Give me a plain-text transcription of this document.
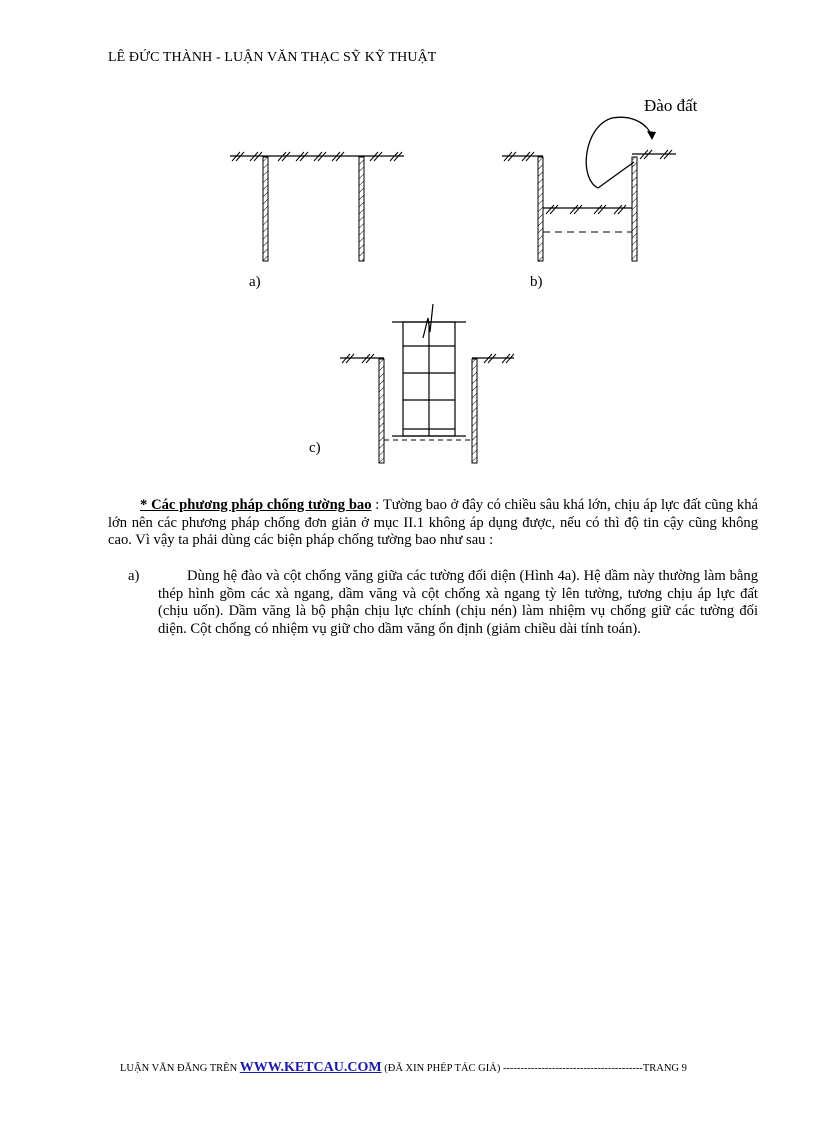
LÊ ĐỨC THÀNH - LUẬN VĂN THẠC SỸ KỸ THUẬT
Đào đất
a)	b)
c)
* Các phương pháp chống tường bao : Tường bao ở đây có chiều sâu khá lớn, chịu áp lực đất cũng khá lớn nên các phương pháp chống đơn giản ở mục II.1 không áp dụng được, nếu có thì độ tin cậy cũng không cao. Vì vậy ta phải dùng các biện pháp chống tường bao như sau :
a)	Dùng hệ đào và cột chống văng giữa các tường đối diện (Hình 4a). Hệ dầm này thường làm bằng thép hình gồm các xà ngang, dầm văng và cột chống xà ngang tỳ lên tường, tương chịu áp lực đất (chịu uốn). Dầm văng là bộ phận chịu lực chính (chịu nén) làm nhiệm vụ chống giữ các tường đối diện. Cột chống có nhiệm vụ giữ cho dầm văng ổn định (giảm chiều dài tính toán).
LUẬN VĂN ĐĂNG TRÊN WWW.KETCAU.COM (ĐÃ XIN PHÉP TÁC GIẢ) ----------------------------------------TRANG 9
